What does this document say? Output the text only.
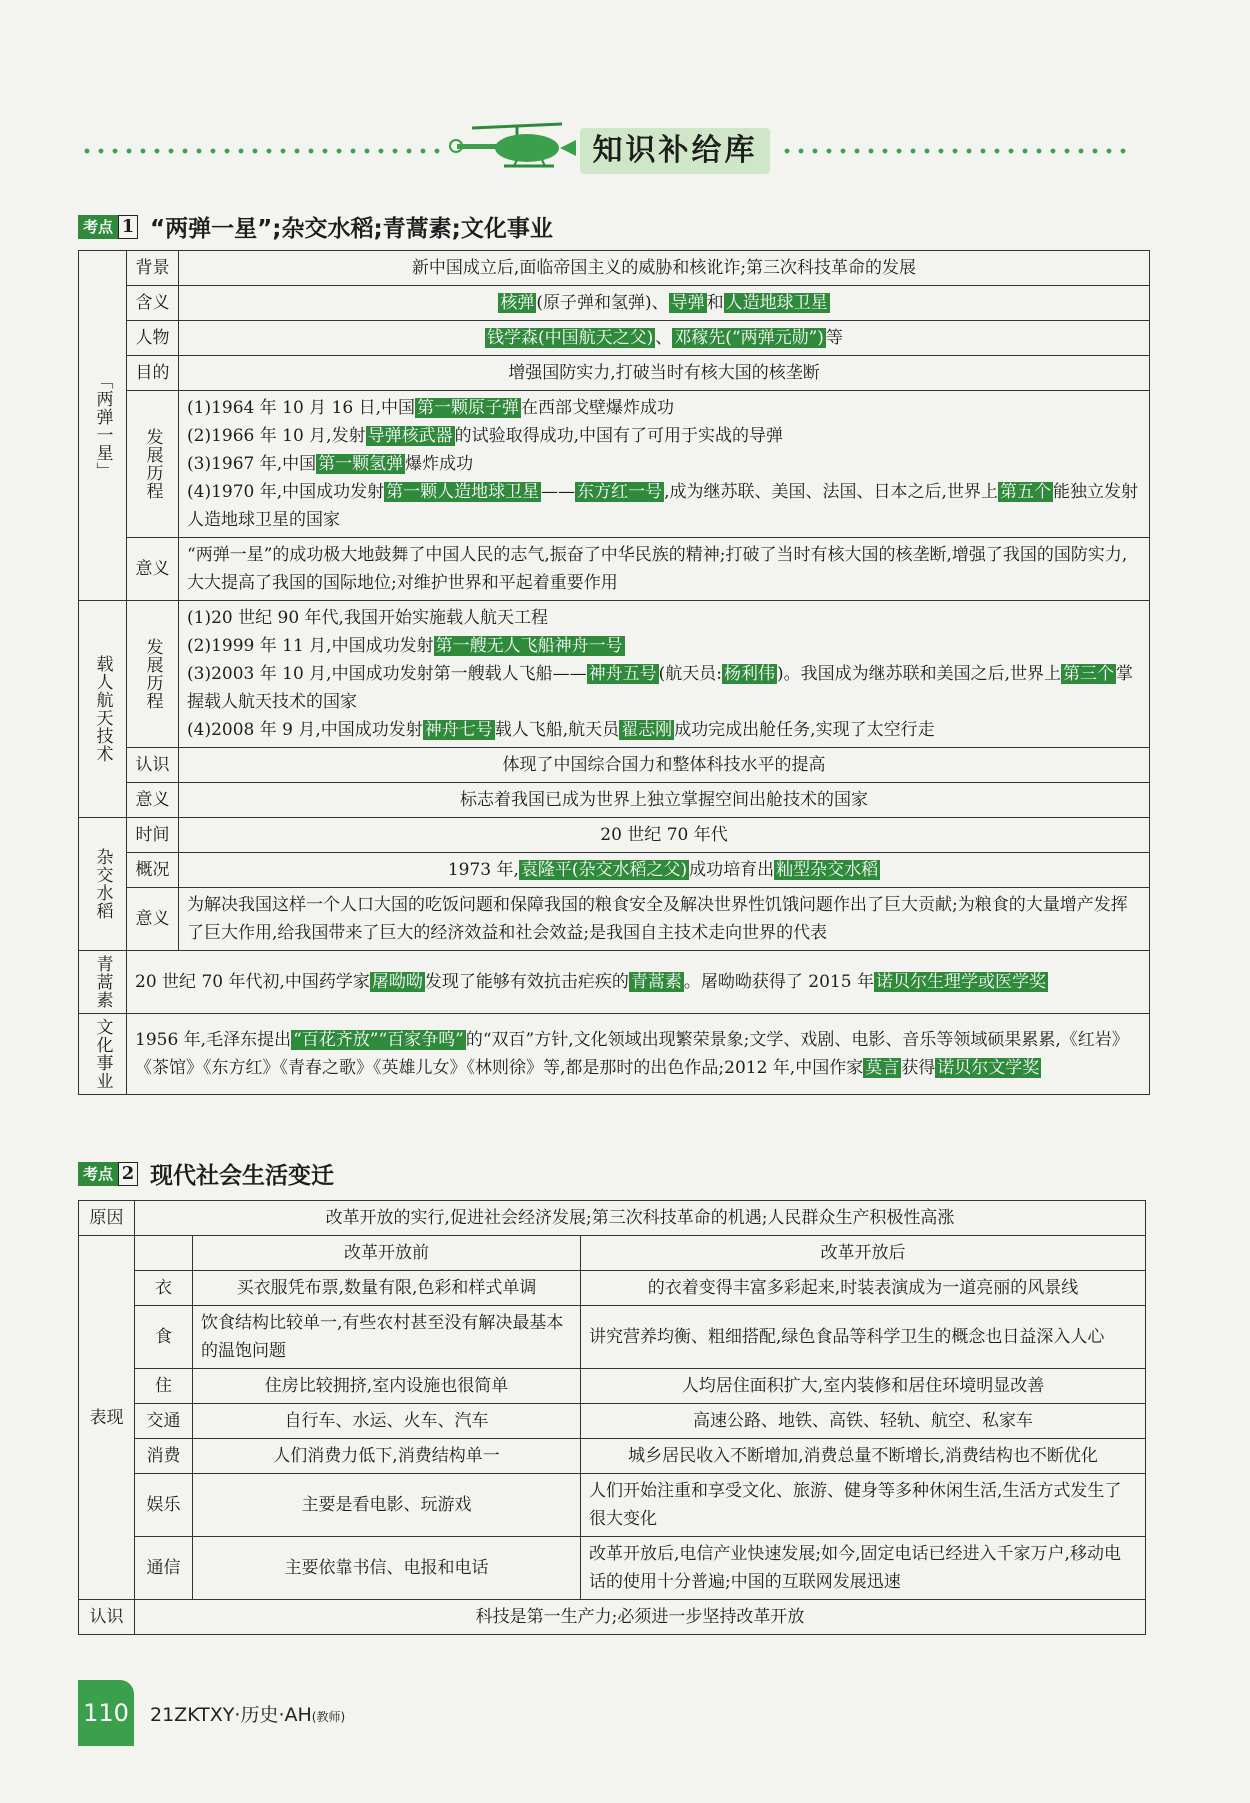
知识补给库
考点 1 “两弹一星”;杂交水稻;青蒿素;文化事业
「两弹一星」	背景	新中国成立后,面临帝国主义的威胁和核讹诈;第三次科技革命的发展
	含义	核弹 (原子弹和氢弹)、 导弹 和 人造地球卫星
	人物	钱学森(中国航天之父) 、 邓稼先(“两弹元勋”) 等
	目的	增强国防实力,打破当时有核大国的核垄断
	发展历程	(1)1964 年 10 月 16 日,中国 第一颗原子弹 在西部戈壁爆炸成功
(2)1966 年 10 月,发射 导弹核武器 的试验取得成功,中国有了可用于实战的导弹
(3)1967 年,中国 第一颗氢弹 爆炸成功
(4)1970 年,中国成功发射 第一颗人造地球卫星 —— 东方红一号 ,成为继苏联、美国、法国、日本之后,世界上 第五个 能独立发射人造地球卫星的国家

	意义	“两弹一星”的成功极大地鼓舞了中国人民的志气,振奋了中华民族的精神;打破了当时有核大国的核垄断,增强了我国的国防实力,大大提高了我国的国际地位;对维护世界和平起着重要作用
载人航天技术	发展历程	(1)20 世纪 90 年代,我国开始实施载人航天工程
(2)1999 年 11 月,中国成功发射 第一艘无人飞船神舟一号
(3)2003 年 10 月,中国成功发射第一艘载人飞船—— 神舟五号 (航天员: 杨利伟 )。我国成为继苏联和美国之后,世界上 第三个 掌握载人航天技术的国家
(4)2008 年 9 月,中国成功发射 神舟七号 载人飞船,航天员 翟志刚 成功完成出舱任务,实现了太空行走

	认识	体现了中国综合国力和整体科技水平的提高
	意义	标志着我国已成为世界上独立掌握空间出舱技术的国家
杂交水稻	时间	20 世纪 70 年代
	概况	1973 年, 袁隆平(杂交水稻之父) 成功培育出 籼型杂交水稻
	意义	为解决我国这样一个人口大国的吃饭问题和保障我国的粮食安全及解决世界性饥饿问题作出了巨大贡献;为粮食的大量增产发挥了巨大作用,给我国带来了巨大的经济效益和社会效益;是我国自主技术走向世界的代表
青蒿素	20 世纪 70 年代初,中国药学家 屠呦呦 发现了能够有效抗击疟疾的 青蒿素 。屠呦呦获得了 2015 年 诺贝尔生理学或医学奖	
文化事业	1956 年,毛泽东提出 “百花齐放”“百家争鸣” 的“双百”方针,文化领域出现繁荣景象;文学、戏剧、电影、音乐等领域硕果累累,《红岩》《茶馆》《东方红》《青春之歌》《英雄儿女》《林则徐》等,都是那时的出色作品;2012 年,中国作家 莫言 获得 诺贝尔文学奖	
考点 2 现代社会生活变迁
原因	改革开放的实行,促进社会经济发展;第三次科技革命的机遇;人民群众生产积极性高涨		
表现		改革开放前	改革开放后
	衣	买衣服凭布票,数量有限,色彩和样式单调	的衣着变得丰富多彩起来,时装表演成为一道亮丽的风景线
	食	饮食结构比较单一,有些农村甚至没有解决最基本的温饱问题	讲究营养均衡、粗细搭配,绿色食品等科学卫生的概念也日益深入人心
	住	住房比较拥挤,室内设施也很简单	人均居住面积扩大,室内装修和居住环境明显改善
	交通	自行车、水运、火车、汽车	高速公路、地铁、高铁、轻轨、航空、私家车
	消费	人们消费力低下,消费结构单一	城乡居民收入不断增加,消费总量不断增长,消费结构也不断优化
	娱乐	主要是看电影、玩游戏	人们开始注重和享受文化、旅游、健身等多种休闲生活,生活方式发生了很大变化
	通信	主要依靠书信、电报和电话	改革开放后,电信产业快速发展;如今,固定电话已经进入千家万户,移动电话的使用十分普遍;中国的互联网发展迅速
认识	科技是第一生产力;必须进一步坚持改革开放		
110 21ZKTXY·历史·AH(教师)
